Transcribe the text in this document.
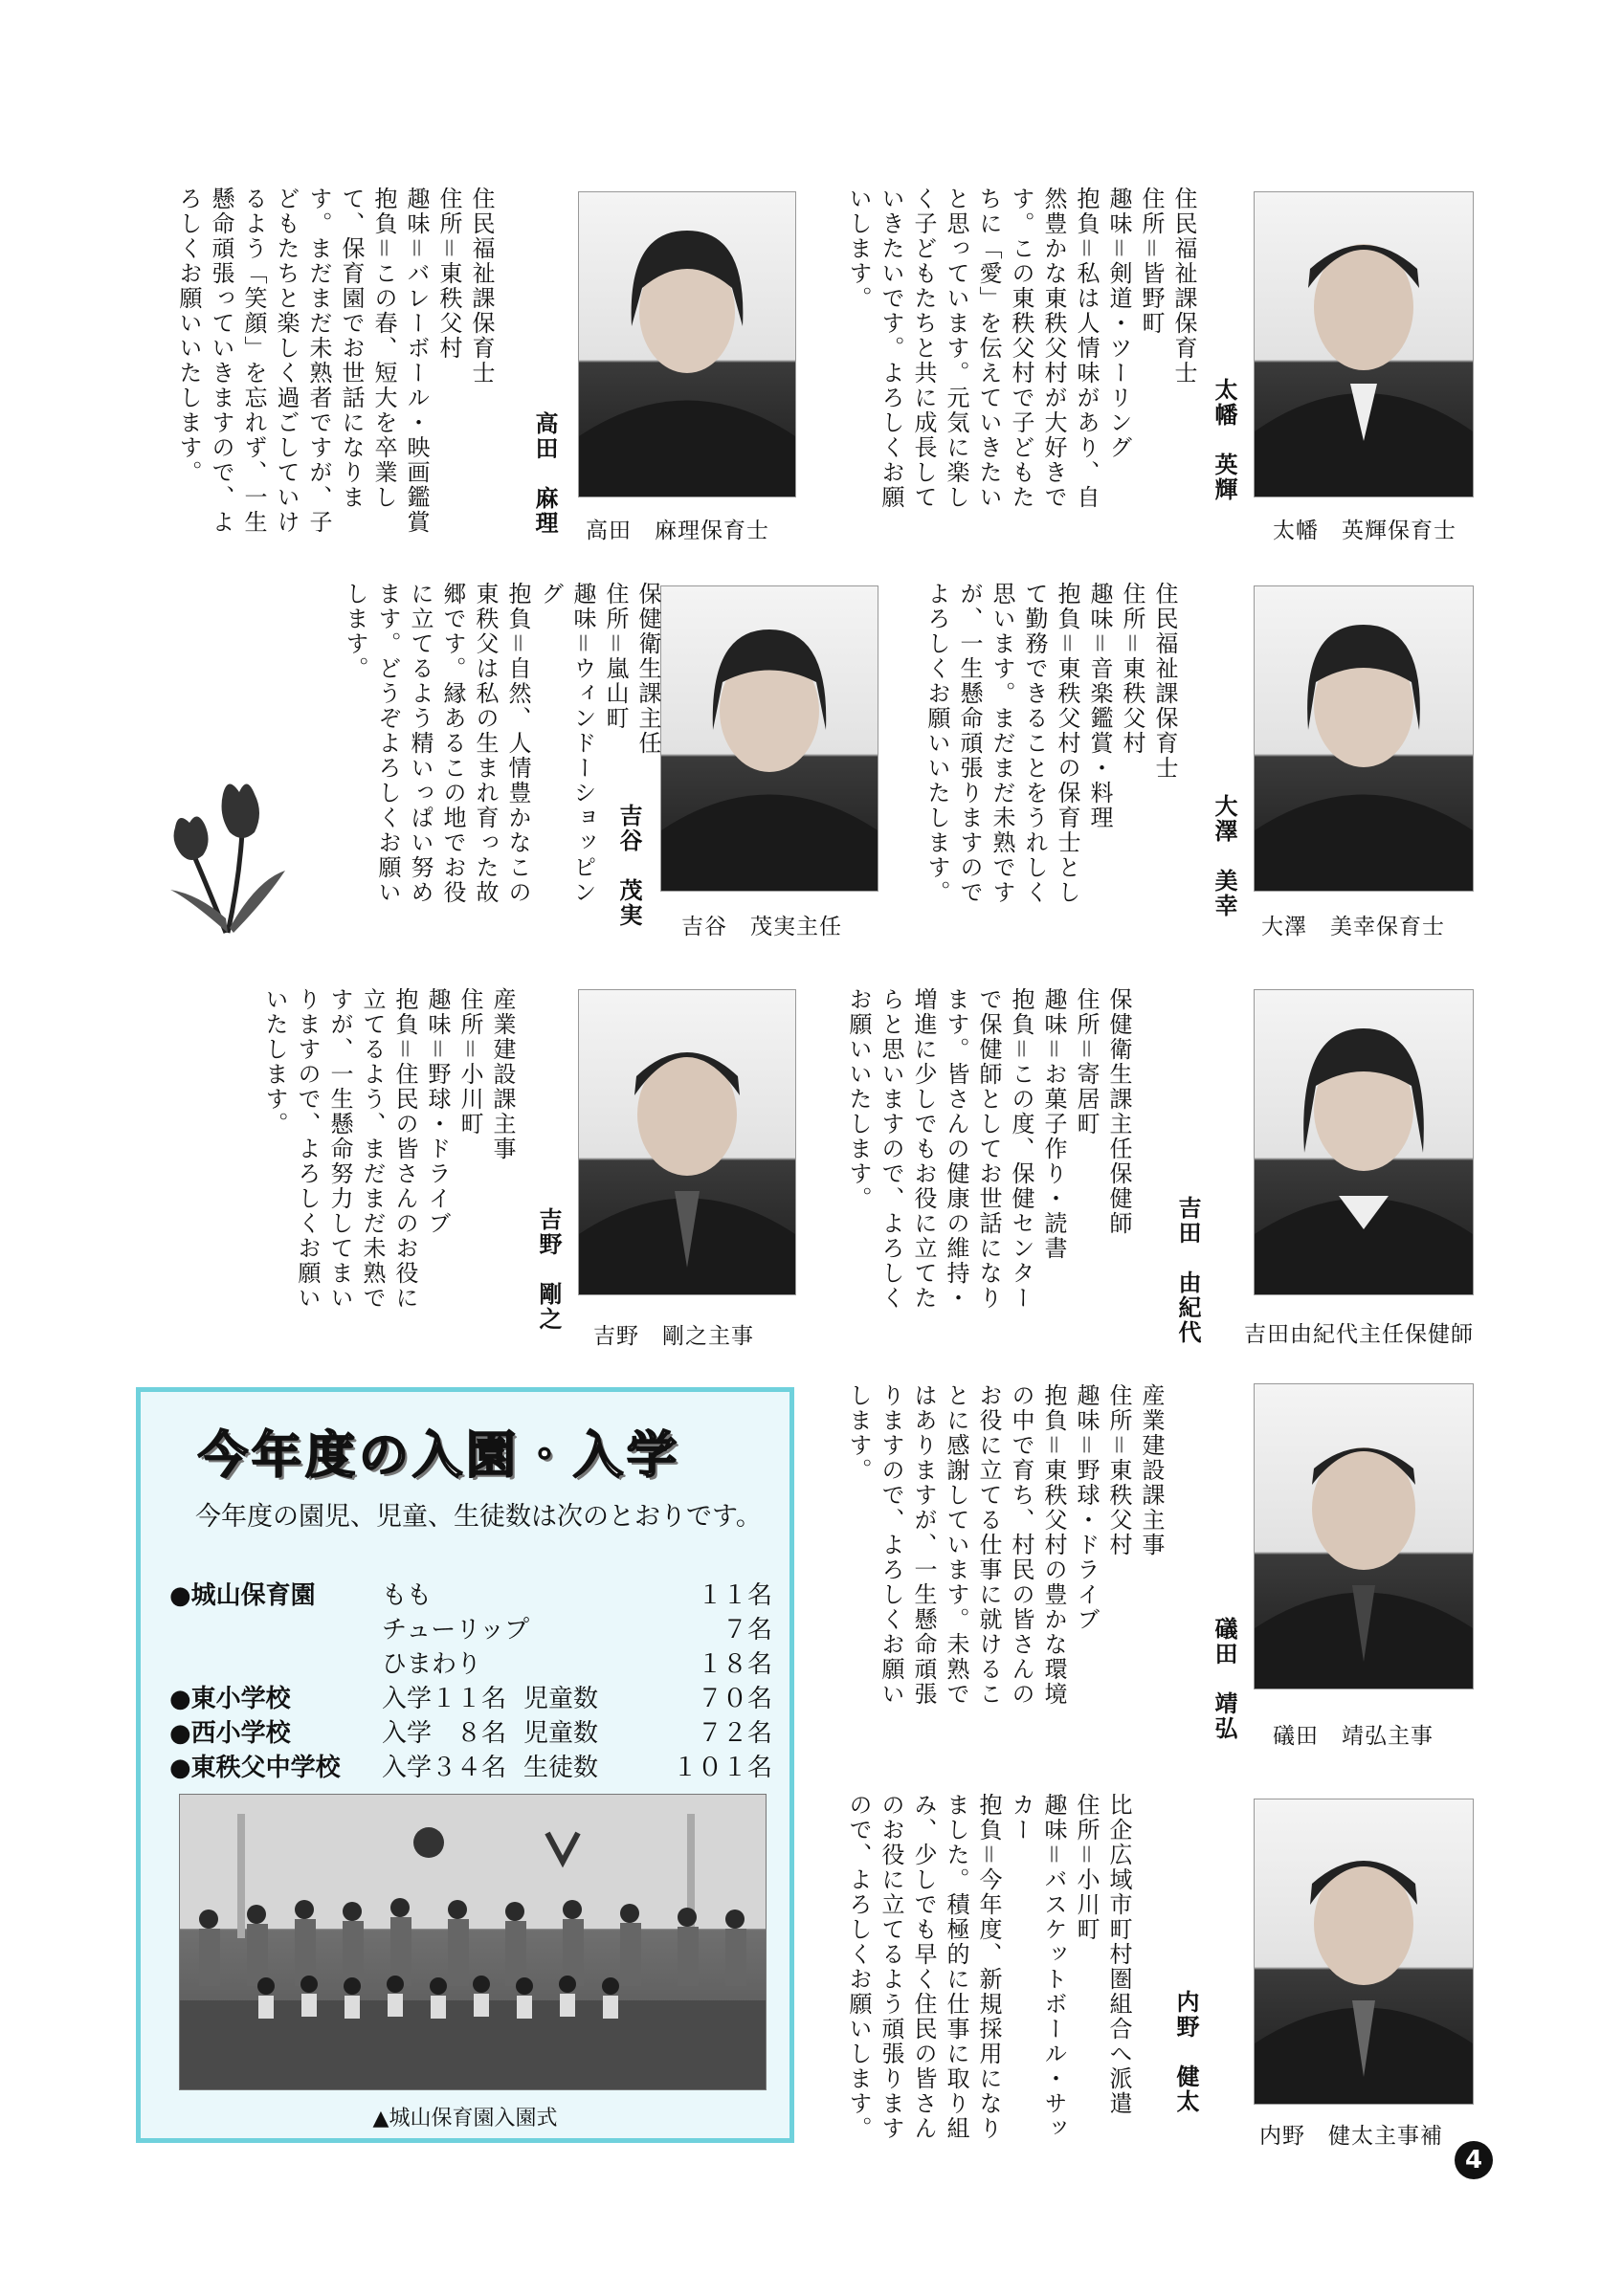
太幡　英輝保育士
住民福祉課保育士
住所＝皆野町
趣味＝剣道・ツーリング
抱負＝私は人情味があり、自然豊かな東秩父村が大好きです。この東秩父村で子どもたちに「愛」を伝えていきたいと思っています。元気に楽しく子どもたちと共に成長していきたいです。よろしくお願いします。
太幡　英輝
高田　麻理保育士
住民福祉課保育士
住所＝東秩父村
趣味＝バレーボール・映画鑑賞
抱負＝この春、短大を卒業して、保育園でお世話になります。まだまだ未熟者ですが、子どもたちと楽しく過ごしていけるよう「笑顔」を忘れず、一生懸命頑張っていきますので、よろしくお願いいたします。	高田　麻理
大澤　美幸保育士
住民福祉課保育士
住所＝東秩父村
趣味＝音楽鑑賞・料理
抱負＝東秩父村の保育士として勤務できることをうれしく思います。まだまだ未熟ですが、一生懸命頑張りますのでよろしくお願いいたします。	大澤　美幸
吉谷　茂実主任
保健衛生課主任
住所＝嵐山町
趣味＝ウィンドーショッピング
抱負＝自然、人情豊かなこの東秩父は私の生まれ育った故郷です。縁あるこの地でお役に立てるよう精いっぱい努めます。どうぞよろしくお願いします。
吉谷　茂実
吉田由紀代主任保健師
保健衛生課主任保健師
住所＝寄居町
趣味＝お菓子作り・読書
抱負＝この度、保健センターで保健師としてお世話になります。皆さんの健康の維持・増進に少しでもお役に立てたらと思いますので、よろしくお願いいたします。
吉田　由紀代
吉野　剛之主事
産業建設課主事
住所＝小川町
趣味＝野球・ドライブ
抱負＝住民の皆さんのお役に立てるよう、まだまだ未熟ですが、一生懸命努力してまいりますので、よろしくお願いいたします。
吉野　剛之
礒田　靖弘主事
産業建設課主事
住所＝東秩父村
趣味＝野球・ドライブ
抱負＝東秩父村の豊かな環境の中で育ち、村民の皆さんのお役に立てる仕事に就けることに感謝しています。未熟ではありますが、一生懸命頑張りますので、よろしくお願いします。
礒田　靖弘
内野　健太主事補
比企広域市町村圏組合へ派遣
住所＝小川町
趣味＝バスケットボール・サッカー
抱負＝今年度、新規採用になりました。積極的に仕事に取り組み、少しでも早く住民の皆さんのお役に立てるよう頑張りますので、よろしくお願いします。	内野　健太
今年度の入園・入学
今年度の園児、児童、生徒数は次のとおりです。
●城山保育園	もも	１１名
チューリップ	７名
ひまわり	１８名
●東小学校	入学１１名 児童数	７０名
●西小学校	入学　８名 児童数	７２名
●東秩父中学校 入学３４名 生徒数	１０１名
▲城山保育園入園式
4
